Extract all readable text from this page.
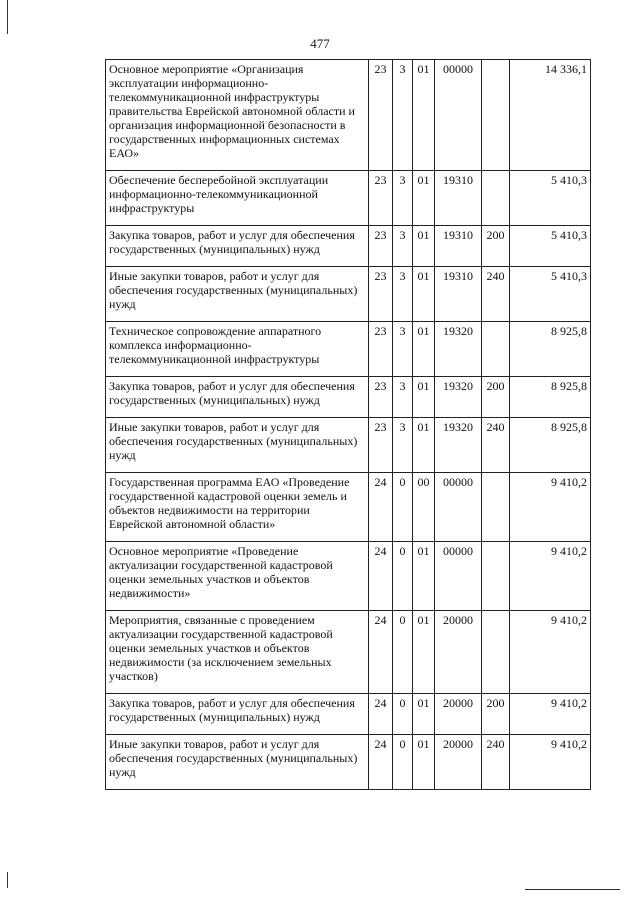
477
Основное мероприятие «Организация эксплуатации информационно-телекоммуникационной инфраструктуры правительства Еврейской автономной области и организация информационной безопасности в государственных информационных системах ЕАО»	23	3	01	00000		14 336,1
Обеспечение бесперебойной эксплуатации информационно-телекоммуникационной инфраструктуры	23	3	01	19310		5 410,3
Закупка товаров, работ и услуг для обеспечения государственных (муниципальных) нужд	23	3	01	19310	200	5 410,3
Иные закупки товаров, работ и услуг для обеспечения государственных (муниципальных) нужд	23	3	01	19310	240	5 410,3
Техническое сопровождение аппаратного комплекса информационно-телекоммуникационной инфраструктуры	23	3	01	19320		8 925,8
Закупка товаров, работ и услуг для обеспечения государственных (муниципальных) нужд	23	3	01	19320	200	8 925,8
Иные закупки товаров, работ и услуг для обеспечения государственных (муниципальных) нужд	23	3	01	19320	240	8 925,8
Государственная программа ЕАО «Проведение государственной кадастровой оценки земель и объектов недвижимости на территории Еврейской автономной области»	24	0	00	00000		9 410,2
Основное мероприятие «Проведение актуализации государственной кадастровой оценки земельных участков и объектов недвижимости»	24	0	01	00000		9 410,2
Мероприятия, связанные с проведением актуализации государственной кадастровой оценки земельных участков и объектов недвижимости (за исключением земельных участков)	24	0	01	20000		9 410,2
Закупка товаров, работ и услуг для обеспечения государственных (муниципальных) нужд	24	0	01	20000	200	9 410,2
Иные закупки товаров, работ и услуг для обеспечения государственных (муниципальных) нужд	24	0	01	20000	240	9 410,2
